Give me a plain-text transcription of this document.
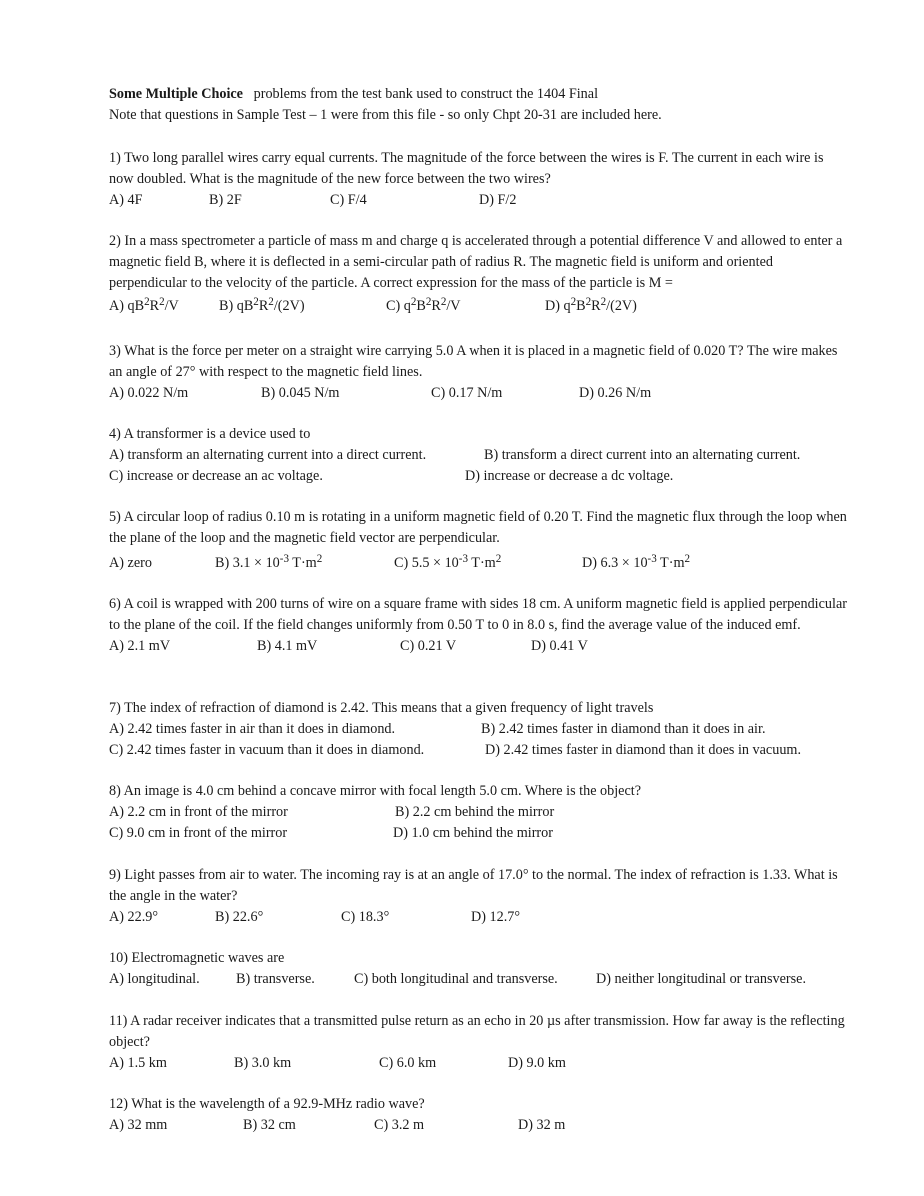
Some Multiple Choice problems from the test bank used to construct the 1404 Final
Note that questions in Sample Test – 1 were from this file - so only Chpt 20-31 are included here.
1) Two long parallel wires carry equal currents. The magnitude of the force between the wires is F. The current in each wire is now doubled. What is the magnitude of the new force between the two wires?
A) 4F	B) 2F	C) F/4	D) F/2
2) In a mass spectrometer a particle of mass m and charge q is accelerated through a potential difference V and allowed to enter a magnetic field B, where it is deflected in a semi-circular path of radius R. The magnetic field is uniform and oriented perpendicular to the velocity of the particle. A correct expression for the mass of the particle is M =
A) $qB^2R^2/V$	B) $qB^2R^2/(2V)$	C) $q^2B^2R^2/V$	D) $q^2B^2R^2/(2V)$
3) What is the force per meter on a straight wire carrying 5.0 A when it is placed in a magnetic field of 0.020 T? The wire makes an angle of 27° with respect to the magnetic field lines.
A) 0.022 N/m	B) 0.045 N/m	C) 0.17 N/m	D) 0.26 N/m
4) A transformer is a device used to
A) transform an alternating current into a direct current.	B) transform a direct current into an alternating current.
C) increase or decrease an ac voltage.	D) increase or decrease a dc voltage.
5) A circular loop of radius 0.10 m is rotating in a uniform magnetic field of 0.20 T. Find the magnetic flux through the loop when the plane of the loop and the magnetic field vector are perpendicular.
A) zero	B) $3.1 \times 10^{-3}$ $T\cdot m^2$	C) $5.5 \times 10^{-3}$ $T\cdot m^2$	D) $6.3 \times 10^{-3}$ $T\cdot m^2$
6) A coil is wrapped with 200 turns of wire on a square frame with sides 18 cm. A uniform magnetic field is applied perpendicular to the plane of the coil. If the field changes uniformly from 0.50 T to 0 in 8.0 s, find the average value of the induced emf.
A) 2.1 mV	B) 4.1 mV	C) 0.21 V	D) 0.41 V
7) The index of refraction of diamond is 2.42. This means that a given frequency of light travels
A) 2.42 times faster in air than it does in diamond.	B) 2.42 times faster in diamond than it does in air.
C) 2.42 times faster in vacuum than it does in diamond.	D) 2.42 times faster in diamond than it does in vacuum.
8) An image is 4.0 cm behind a concave mirror with focal length 5.0 cm. Where is the object?
A) 2.2 cm in front of the mirror	B) 2.2 cm behind the mirror
C) 9.0 cm in front of the mirror	D) 1.0 cm behind the mirror
9) Light passes from air to water. The incoming ray is at an angle of 17.0° to the normal. The index of refraction is 1.33. What is the angle in the water?
A) 22.9°	B) 22.6°	C) 18.3°	D) 12.7°
10) Electromagnetic waves are
A) longitudinal.	B) transverse.	C) both longitudinal and transverse.	D) neither longitudinal or transverse.
11) A radar receiver indicates that a transmitted pulse return as an echo in 20 µs after transmission. How far away is the reflecting object?
A) 1.5 km	B) 3.0 km	C) 6.0 km	D) 9.0 km
12) What is the wavelength of a 92.9-MHz radio wave?
A) 32 mm	B) 32 cm	C) 3.2 m	D) 32 m
